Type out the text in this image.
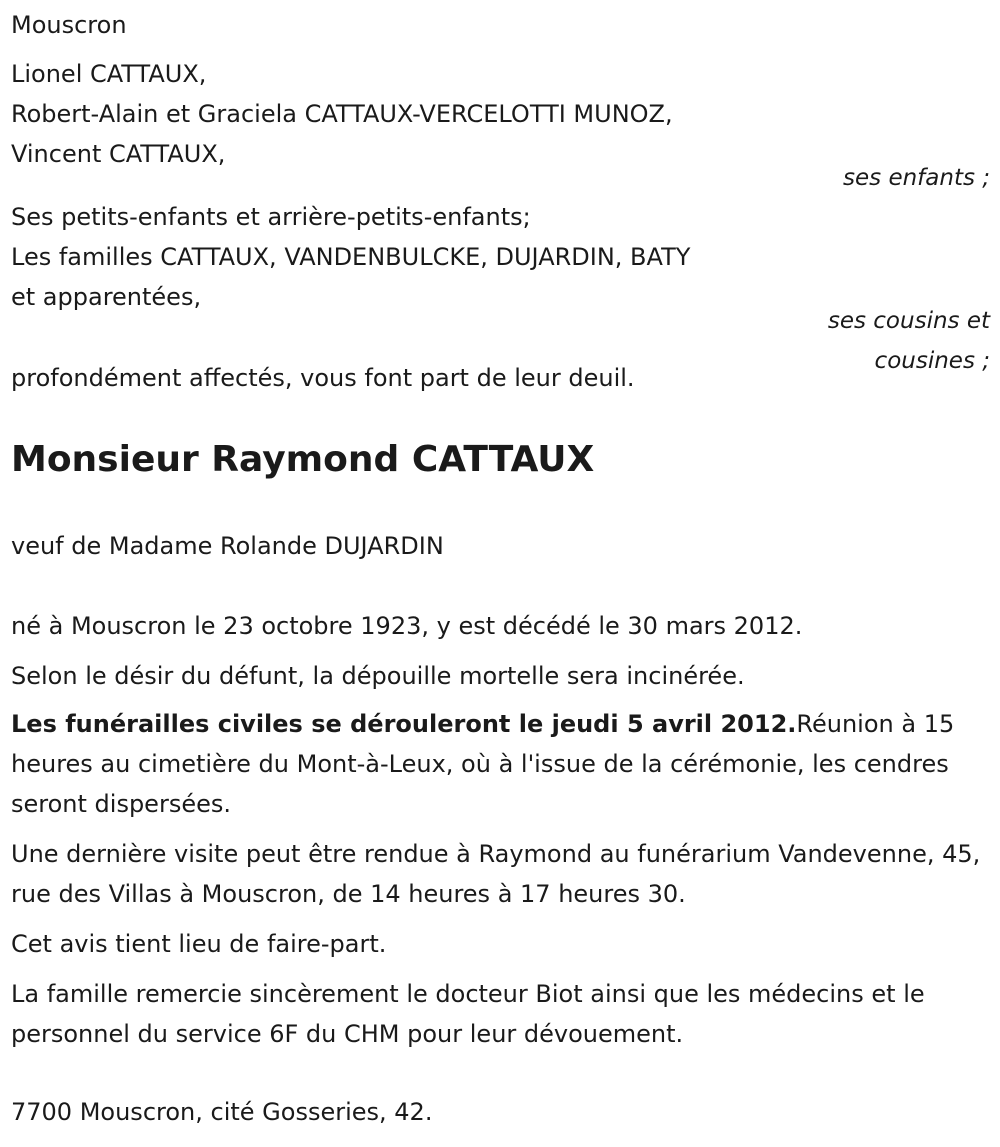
Mouscron
Lionel CATTAUX,
Robert-Alain et Graciela CATTAUX-VERCELOTTI MUNOZ,
Vincent CATTAUX,
ses enfants ;
Ses petits-enfants et arrière-petits-enfants;
Les familles CATTAUX, VANDENBULCKE, DUJARDIN, BATY
et apparentées,
ses cousins et
cousines ;
profondément affectés, vous font part de leur deuil.
Monsieur Raymond CATTAUX
veuf de Madame Rolande DUJARDIN
né à Mouscron le 23 octobre 1923, y est décédé le 30 mars 2012.
Selon le désir du défunt, la dépouille mortelle sera incinérée.
Les funérailles civiles se dérouleront le jeudi 5 avril 2012.Réunion à 15 heures au cimetière du Mont-à-Leux, où à l'issue de la cérémonie, les cendres seront dispersées.
Une dernière visite peut être rendue à Raymond au funérarium Vandevenne, 45, rue des Villas à Mouscron, de 14 heures à 17 heures 30.
Cet avis tient lieu de faire-part.
La famille remercie sincèrement le docteur Biot ainsi que les médecins et le personnel du service 6F du CHM pour leur dévouement.
7700 Mouscron, cité Gosseries, 42.
